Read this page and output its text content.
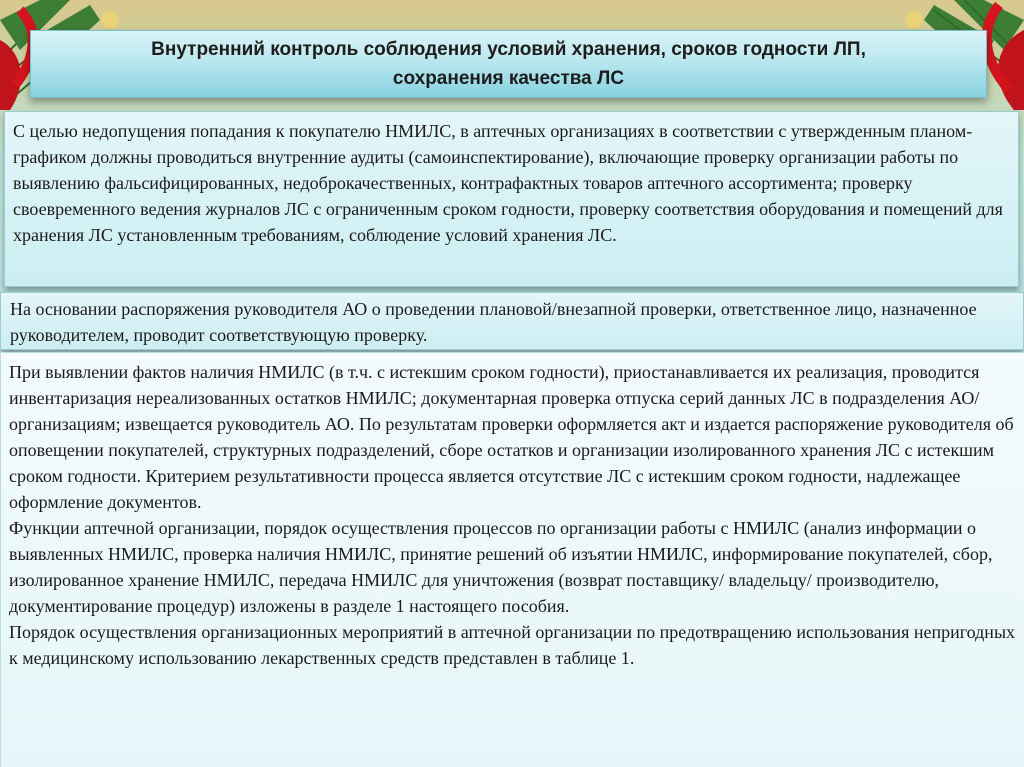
Внутренний контроль соблюдения условий хранения, сроков годности ЛП,
сохранения качества ЛС

С целью недопущения попадания к покупателю НМИЛС, в аптечных организациях в соответствии с утвержденным планом-графиком должны проводиться внутренние аудиты (самоинспектирование), включающие проверку организации работы по выявлению фальсифицированных, недоброкачественных, контрафактных товаров аптечного ассортимента; проверку своевременного ведения журналов ЛС с ограниченным сроком годности, проверку соответствия оборудования и помещений для хранения ЛС установленным требованиям, соблюдение условий хранения ЛС.

На основании распоряжения руководителя АО о проведении плановой/внезапной проверки, ответственное лицо, назначенное руководителем, проводит соответствующую проверку.

При выявлении фактов наличия НМИЛС (в т.ч. с истекшим сроком годности), приостанавливается их реализация, проводится инвентаризация нереализованных остатков НМИЛС; документарная проверка отпуска серий данных ЛС в подразделения АО/организациям; извещается руководитель АО. По результатам проверки оформляется акт и издается распоряжение руководителя об оповещении покупателей, структурных подразделений, сборе остатков и организации изолированного хранения ЛС с истекшим сроком годности. Критерием результативности процесса является отсутствие ЛС с истекшим сроком годности, надлежащее оформление документов.

Функции аптечной организации, порядок осуществления процессов по организации работы с НМИЛС (анализ информации о выявленных НМИЛС, проверка наличия НМИЛС, принятие решений об изъятии НМИЛС, информирование покупателей, сбор, изолированное хранение НМИЛС, передача НМИЛС для уничтожения (возврат поставщику/ владельцу/ производителю, документирование процедур) изложены в разделе 1 настоящего пособия.

Порядок осуществления организационных мероприятий в аптечной организации по предотвращению использования непригодных к медицинскому использованию лекарственных средств представлен в таблице 1.
